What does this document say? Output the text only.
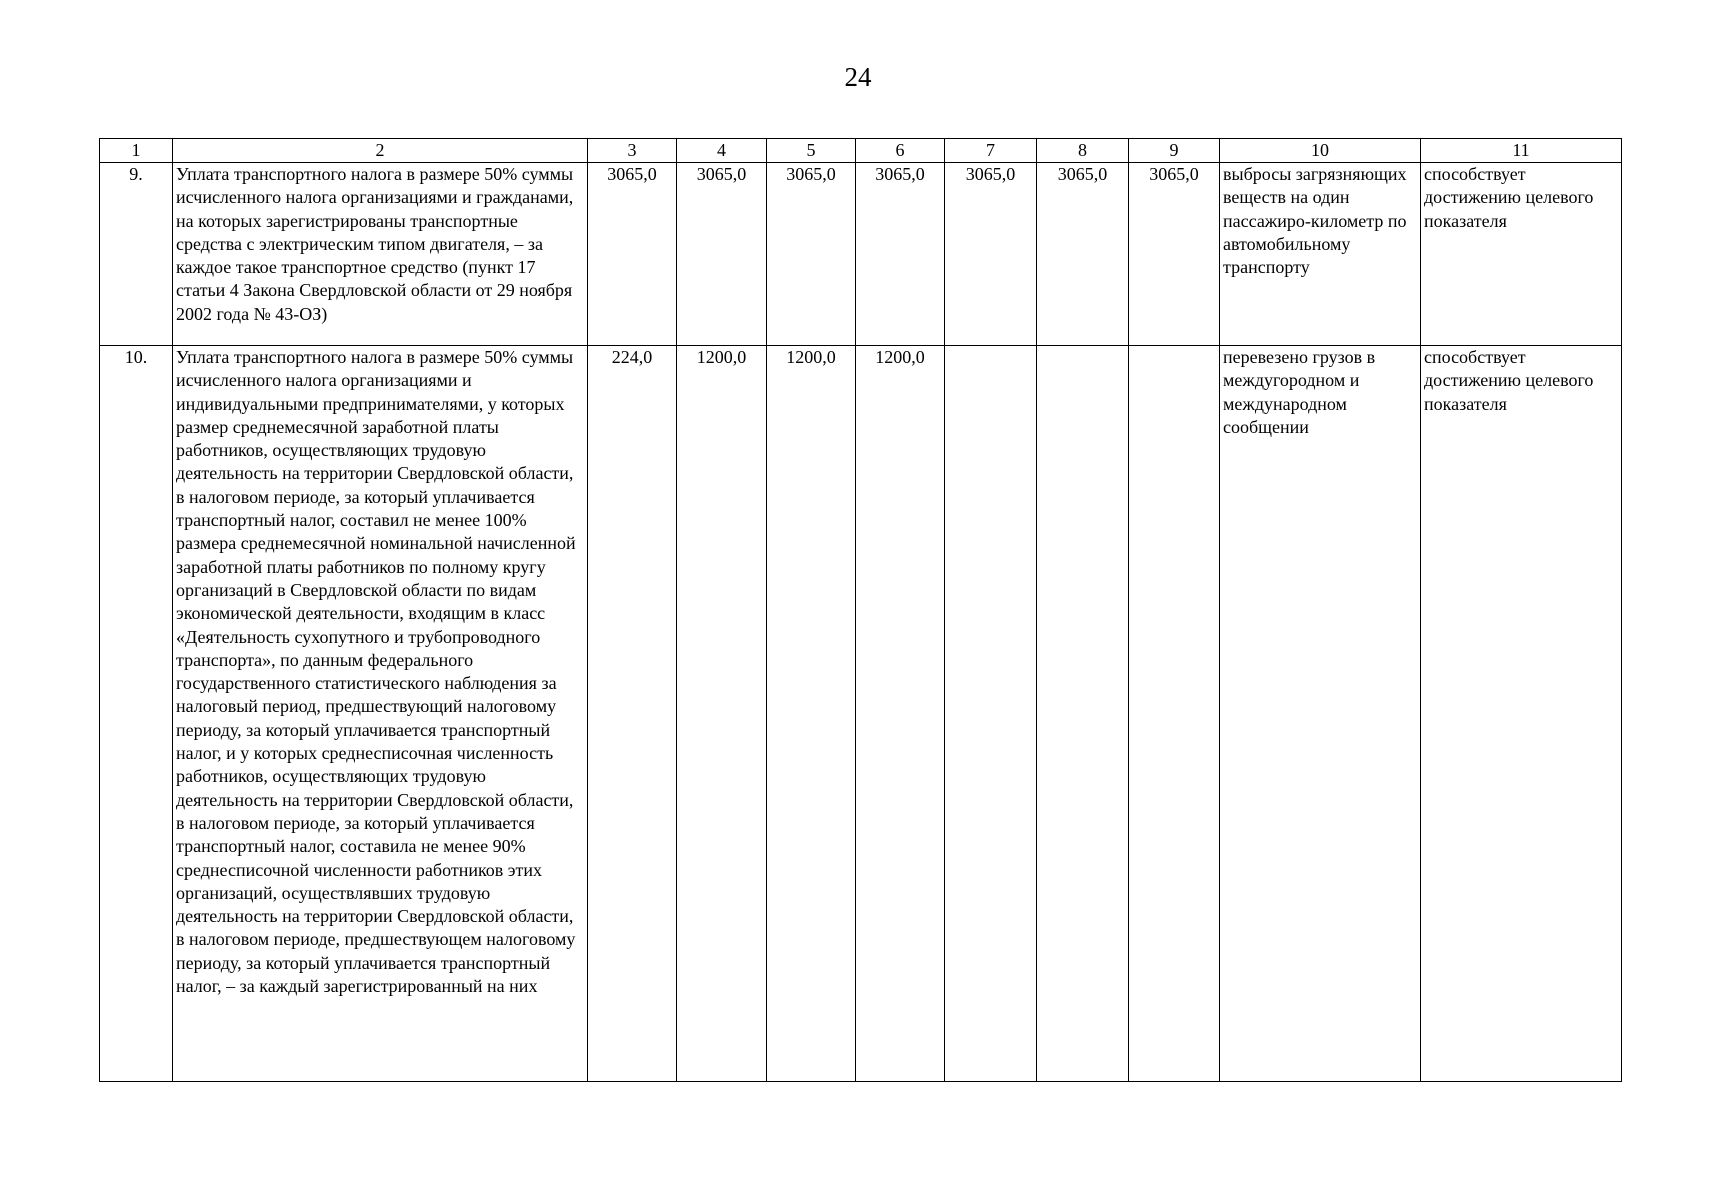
24
1	2	3	4	5	6	7	8	9	10	11
9.	Уплата транспортного налога в размере 50% суммы исчисленного налога организациями и гражданами, на которых зарегистрированы транспортные средства с электрическим типом двигателя, – за каждое такое транспортное средство (пункт 17 статьи 4 Закона Свердловской области от 29 ноября 2002 года № 43-ОЗ)	3065,0	3065,0	3065,0	3065,0	3065,0	3065,0	3065,0	выбросы загрязняющих веществ на один пассажиро-километр по автомобильному транспорту	способствует достижению целевого показателя
10.	Уплата транспортного налога в размере 50% суммы исчисленного налога организациями и индивидуальными предпринимателями, у которых размер среднемесячной заработной платы работников, осуществляющих трудовую деятельность на территории Свердловской области, в налоговом периоде, за который уплачивается транспортный налог, составил не менее 100% размера среднемесячной номинальной начисленной заработной платы работников по полному кругу организаций в Свердловской области по видам экономической деятельности, входящим в класс «Деятельность сухопутного и трубопроводного транспорта», по данным федерального государственного статистического наблюдения за налоговый период, предшествующий налоговому периоду, за который уплачивается транспортный налог, и у которых среднесписочная численность работников, осуществляющих трудовую деятельность на территории Свердловской области, в налоговом периоде, за который уплачивается транспортный налог, составила не менее 90% среднесписочной численности работников этих организаций, осуществлявших трудовую деятельность на территории Свердловской области, в налоговом периоде, предшествующем налоговому периоду, за который уплачивается транспортный налог, – за каждый зарегистрированный на них	224,0	1200,0	1200,0	1200,0				перевезено грузов в междугородном и международном сообщении	способствует достижению целевого показателя
